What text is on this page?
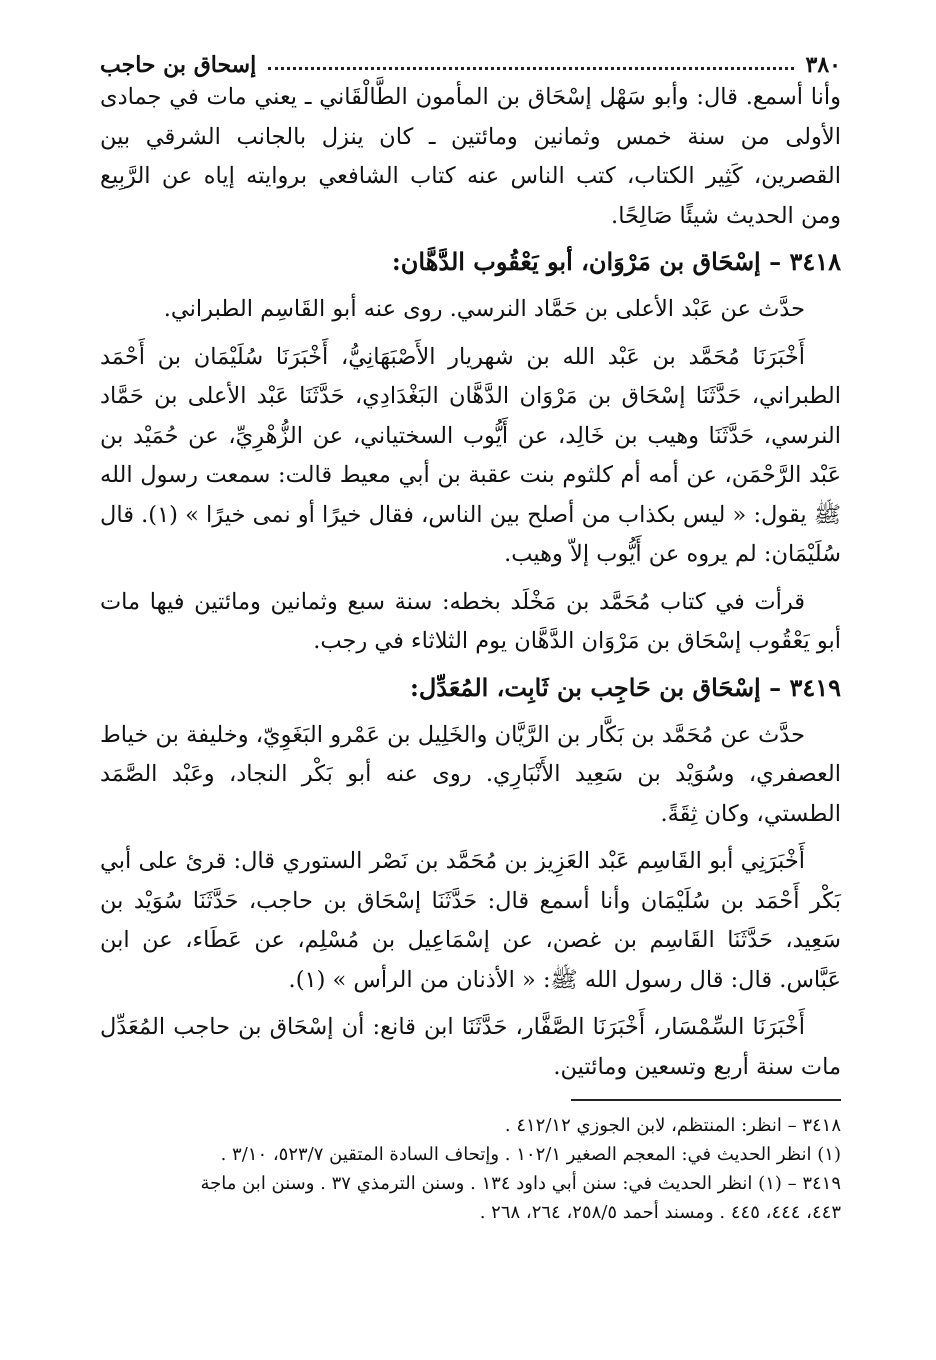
٣٨٠
إسحاق بن حاجب

وأنا أسمع. قال: وأبو سَهْل إسْحَاق بن المأمون الطَّالْقَاني ـ يعني مات في جمادى الأولى من سنة خمس وثمانين ومائتين ـ كان ينزل بالجانب الشرقي بين القصرين، كَثِير الكتاب، كتب الناس عنه كتاب الشافعي بروايته إياه عن الرَّبِيع ومن الحديث شيئًا صَالِحًا.

٣٤١٨ – إسْحَاق بن مَرْوَان، أبو يَعْقُوب الدَّهَّان:

حدَّث عن عَبْد الأعلى بن حَمَّاد النرسي. روى عنه أبو القَاسِم الطبراني.

أَخْبَرَنَا مُحَمَّد بن عَبْد الله بن شهريار الأَصْبَهَانِيُّ، أَخْبَرَنَا سُلَيْمَان بن أَحْمَد الطبراني، حَدَّثَنَا إسْحَاق بن مَرْوَان الدَّهَّان البَغْدَادِي، حَدَّثَنَا عَبْد الأعلى بن حَمَّاد النرسي، حَدَّثَنَا وهيب بن خَالِد، عن أَيُّوب السختياني، عن الزُّهْرِيِّ، عن حُمَيْد بن عَبْد الرَّحْمَن، عن أمه أم كلثوم بنت عقبة بن أبي معيط قالت: سمعت رسول الله ﷺ يقول: « ليس بكذاب من أصلح بين الناس، فقال خيرًا أو نمى خيرًا » (١). قال سُلَيْمَان: لم يروه عن أَيُّوب إلاّ وهيب.

قرأت في كتاب مُحَمَّد بن مَخْلَد بخطه: سنة سبع وثمانين ومائتين فيها مات أبو يَعْقُوب إسْحَاق بن مَرْوَان الدَّهَّان يوم الثلاثاء في رجب.

٣٤١٩ – إسْحَاق بن حَاجِب بن ثَابِت، المُعَدِّل:

حدَّث عن مُحَمَّد بن بَكَّار بن الرَّيَّان والخَلِيل بن عَمْرو البَغَوِيّ، وخليفة بن خياط العصفري، وسُوَيْد بن سَعِيد الأَنْبَارِي. روى عنه أبو بَكْر النجاد، وعَبْد الصَّمَد الطستي، وكان ثِقَةً.

أَخْبَرَنِي أبو القَاسِم عَبْد العَزِيز بن مُحَمَّد بن نَصْر الستوري قال: قرئ على أبي بَكْر أَحْمَد بن سُلَيْمَان وأنا أسمع قال: حَدَّثَنَا إسْحَاق بن حاجب، حَدَّثَنَا سُوَيْد بن سَعِيد، حَدَّثَنَا القَاسِم بن غصن، عن إسْمَاعِيل بن مُسْلِم، عن عَطَاء، عن ابن عَبَّاس. قال: قال رسول الله ﷺ: « الأذنان من الرأس » (١).

أَخْبَرَنَا السِّمْسَار، أَخْبَرَنَا الصَّفَّار، حَدَّثَنَا ابن قانع: أن إسْحَاق بن حاجب المُعَدِّل مات سنة أربع وتسعين ومائتين.

٣٤١٨ – انظر: المنتظم، لابن الجوزي ٤١٢/١٢ .

(١) انظر الحديث في: المعجم الصغير ١٠٢/١ . وإتحاف السادة المتقين ٥٢٣/٧، ٣/١٠ .

٣٤١٩ – (١) انظر الحديث في: سنن أبي داود ١٣٤ . وسنن الترمذي ٣٧ . وسنن ابن ماجة

٤٤٣، ٤٤٤، ٤٤٥ . ومسند أحمد ٢٥٨/٥، ٢٦٤، ٢٦٨ .
